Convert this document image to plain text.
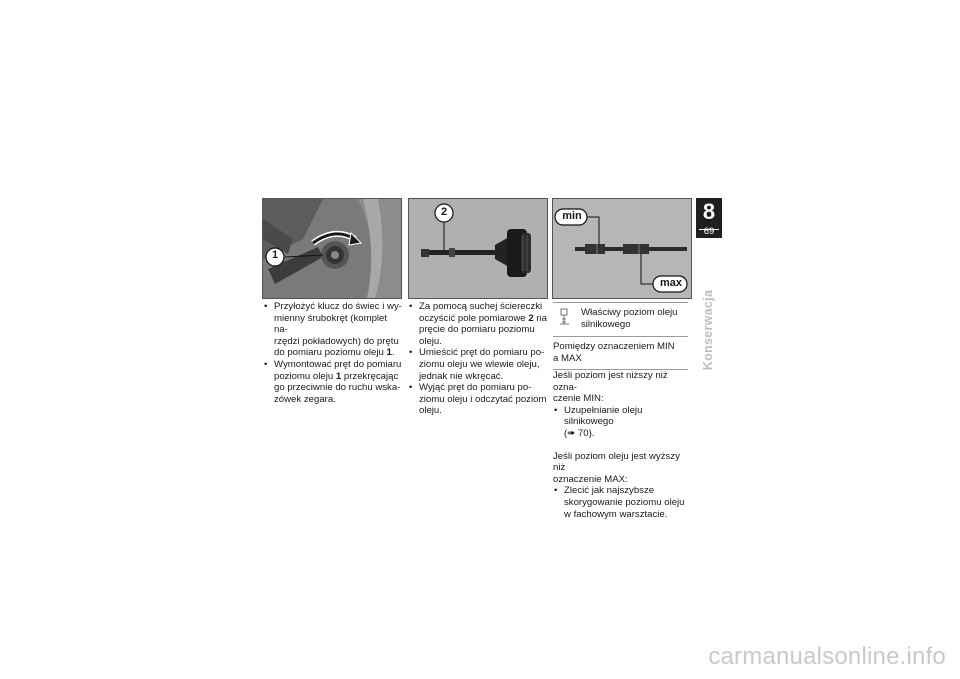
1
2	min
max
• Przyłożyć klucz do świec i wy-
mienny śrubokręt (komplet na-
rzędzi pokładowych) do prętu
do pomiaru poziomu oleju 1.
• Wymontować pręt do pomiaru
poziomu oleju 1 przekręcając
go przeciwnie do ruchu wska-
zówek zegara.
• Za pomocą suchej ściereczki
oczyścić pole pomiarowe 2 na
pręcie do pomiaru poziomu
oleju.
• Umieścić pręt do pomiaru po-
ziomu oleju we wlewie oleju,
jednak nie wkręcać.
• Wyjąć pręt do pomiaru po-
ziomu oleju i odczytać poziom
oleju.
Właściwy poziom oleju
silnikowego
Pomiędzy oznaczeniem MIN
a MAX

Jeśli poziom jest niższy niż ozna-
czenie MIN:

• Uzupełnianie oleju silnikowego
(➠ 70).

Jeśli poziom oleju jest wyższy niż
oznaczenie MAX:

• Zlecić jak najszybsze
skorygowanie poziomu oleju
w fachowym warsztacie.
8
69
Konserwacja
carmanualsonline.info
